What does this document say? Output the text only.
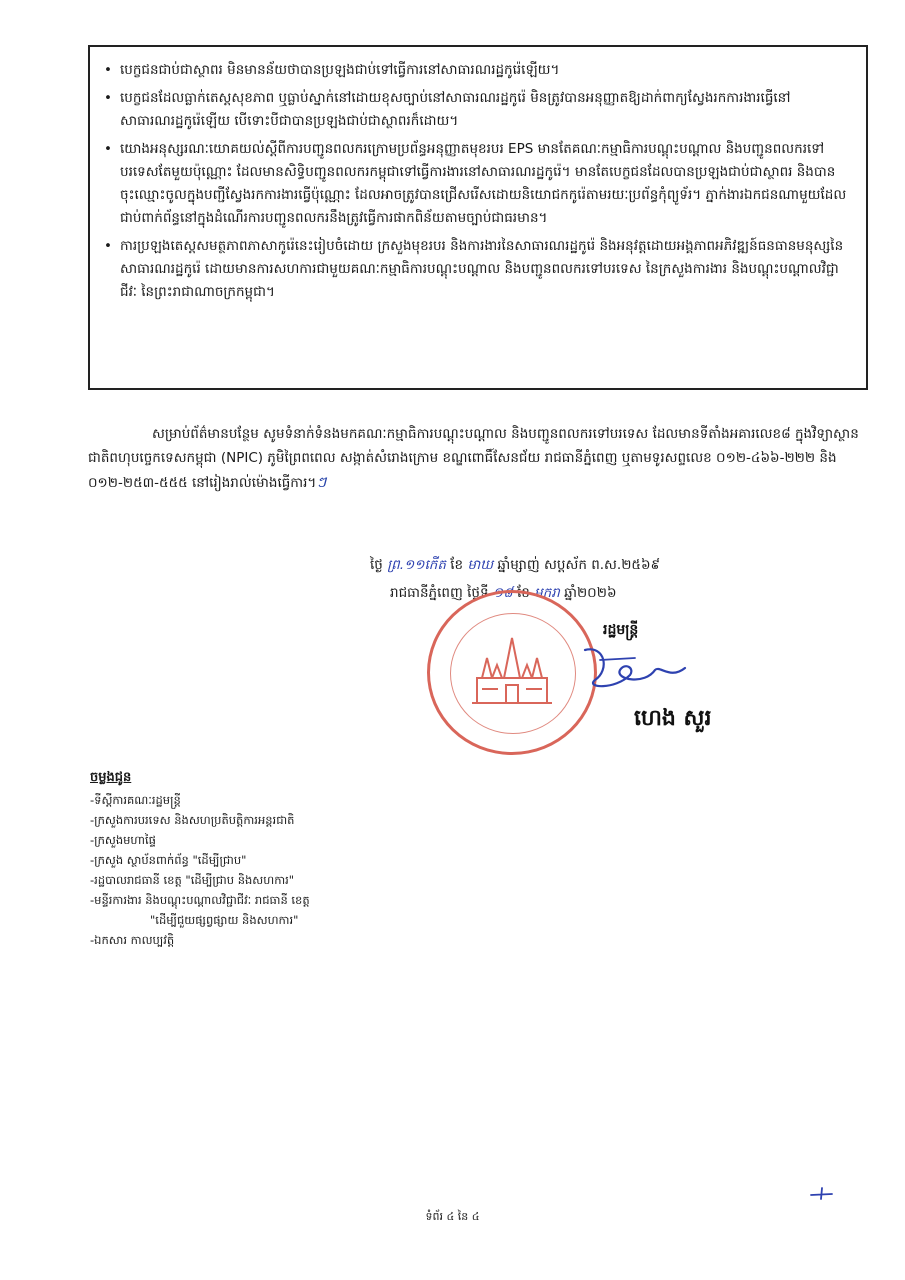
• បេក្ខជនជាប់ជាស្ថាពរ មិនមានន័យថាបានប្រឡងជាប់ទៅធ្វើការនៅសាធារណរដ្ឋកូរ៉េឡើយ។
• បេក្ខជនដែលធ្លាក់តេស្តសុខភាព ឬធ្លាប់ស្នាក់នៅដោយខុសច្បាប់នៅសាធារណរដ្ឋកូរ៉េ មិនត្រូវបានអនុញ្ញាតឱ្យដាក់ពាក្យស្វែងរកការងារធ្វើនៅសាធារណរដ្ឋកូរ៉េឡើយ បើទោះបីជាបានប្រឡងជាប់ជាស្ថាពរក៏ដោយ។
• យោងអនុស្សរណៈយោគយល់ស្តីពីការបញ្ជូនពលករក្រោមប្រព័ន្ធអនុញ្ញាតមុខរបរ EPS មានតែគណៈកម្មាធិការបណ្តុះបណ្តាល និងបញ្ជូនពលករទៅបរទេសតែមួយប៉ុណ្ណោះ ដែលមានសិទ្ធិបញ្ជូនពលករកម្ពុជាទៅធ្វើការងារនៅសាធារណរដ្ឋកូរ៉េ។ មានតែបេក្ខជនដែលបានប្រឡងជាប់ជាស្ថាពរ និងបានចុះឈ្មោះចូលក្នុងបញ្ជីស្វែងរកការងារធ្វើប៉ុណ្ណោះ ដែលអាចត្រូវបានជ្រើសរើសដោយនិយោជកកូរ៉េតាមរយៈប្រព័ន្ធកុំព្យូទ័រ។ ភ្នាក់ងារឯកជនណាមួយដែលជាប់ពាក់ព័ន្ធនៅក្នុងដំណើរការបញ្ជូនពលករនឹងត្រូវធ្វើការផាកពិន័យតាមច្បាប់ជាធរមាន។
• ការប្រឡងតេស្តសមត្ថភាពភាសាកូរ៉េនេះរៀបចំដោយ ក្រសួងមុខរបរ និងការងារនៃសាធារណរដ្ឋកូរ៉េ និងអនុវត្តដោយអង្គភាពអភិវឌ្ឍន៍ធនធានមនុស្សនៃសាធារណរដ្ឋកូរ៉េ ដោយមានការសហការជាមួយគណៈកម្មាធិការបណ្តុះបណ្តាល និងបញ្ជូនពលករទៅបរទេស នៃក្រសួងការងារ និងបណ្តុះបណ្តាលវិជ្ជាជីវៈ នៃព្រះរាជាណាចក្រកម្ពុជា។
សម្រាប់ព័ត៌មានបន្ថែម សូមទំនាក់ទំនងមកគណៈកម្មាធិការបណ្តុះបណ្តាល និងបញ្ជូនពលករទៅបរទេស ដែលមានទីតាំងអគារលេខ៨ ក្នុងវិទ្យាស្ថានជាតិពហុបច្ចេកទេសកម្ពុជា (NPIC) ភូមិព្រៃពពេល សង្កាត់សំរោងក្រោម ខណ្ឌពោធិ៍សែនជ័យ រាជធានីភ្នំពេញ ឬតាមទូរសព្ទលេខ ០១២-៤៦៦-២២២ និង ០១២-២៥៣-៥៥៥ នៅរៀងរាល់ម៉ោងធ្វើការ។ៗ
ថ្ងៃ ព្រ.១១កើត ខែ មាឃ ឆ្នាំម្សាញ់ សប្តស័ក ព.ស.២៥៦៩
រាជធានីភ្នំពេញ ថ្ងៃទី ១៨ ខែ មករា ឆ្នាំ២០២៦
រដ្ឋមន្ត្រី
ហេង សួរ
ចម្លងជូន
-ទីស្តីការគណៈរដ្ឋមន្ត្រី
-ក្រសួងការបរទេស និងសហប្រតិបត្តិការអន្តរជាតិ
-ក្រសួងមហាផ្ទៃ
-ក្រសួង ស្ថាប័នពាក់ព័ន្ធ "ដើម្បីជ្រាប"
-រដ្ឋបាលរាជធានី ខេត្ត "ដើម្បីជ្រាប និងសហការ"
-មន្ទីរការងារ និងបណ្តុះបណ្តាលវិជ្ជាជីវៈ រាជធានី ខេត្ត
"ដើម្បីជួយផ្សព្វផ្សាយ និងសហការ"
-ឯកសារ កាលប្បវត្តិ
ទំព័រ ៤ នៃ ៤
